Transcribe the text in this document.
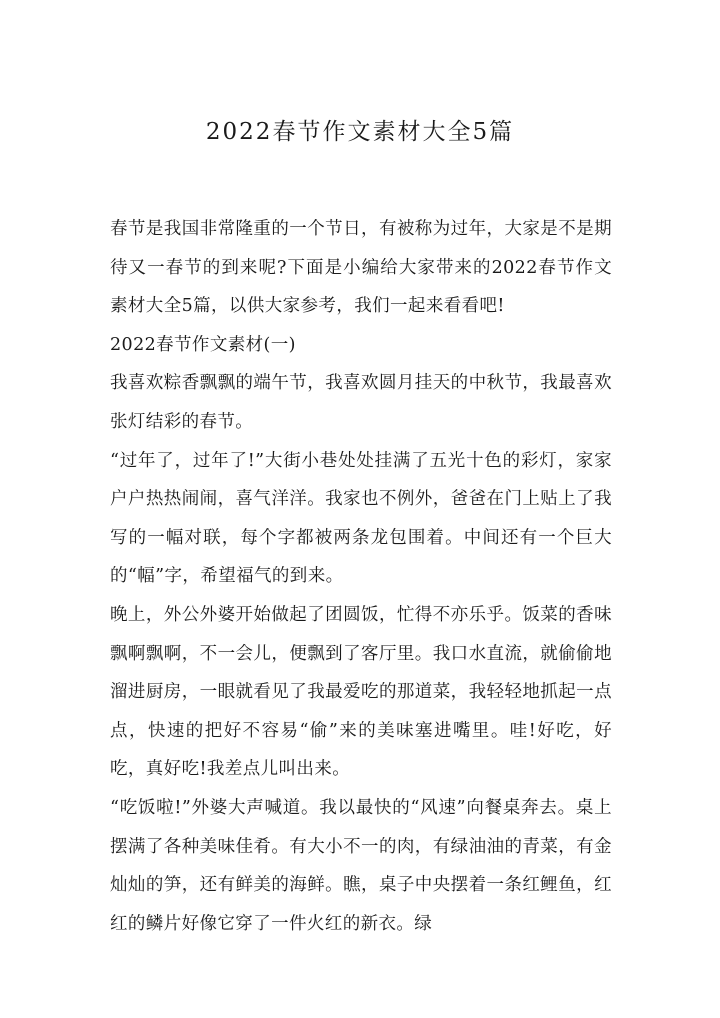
2022春节作文素材大全5篇

春节是我国非常隆重的一个节日，有被称为过年，大家是不是期待又一春节的到来呢?下面是小编给大家带来的2022春节作文素材大全5篇，以供大家参考，我们一起来看看吧!

2022春节作文素材(一)

我喜欢粽香飘飘的端午节，我喜欢圆月挂天的中秋节，我最喜欢张灯结彩的春节。

“过年了，过年了!”大街小巷处处挂满了五光十色的彩灯，家家户户热热闹闹，喜气洋洋。我家也不例外，爸爸在门上贴上了我写的一幅对联，每个字都被两条龙包围着。中间还有一个巨大的“幅”字，希望福气的到来。

晚上，外公外婆开始做起了团圆饭，忙得不亦乐乎。饭菜的香味飘啊飘啊，不一会儿，便飘到了客厅里。我口水直流，就偷偷地溜进厨房，一眼就看见了我最爱吃的那道菜，我轻轻地抓起一点点，快速的把好不容易“偷”来的美味塞进嘴里。哇!好吃，好吃，真好吃!我差点儿叫出来。

“吃饭啦!”外婆大声喊道。我以最快的“风速”向餐桌奔去。桌上摆满了各种美味佳肴。有大小不一的肉，有绿油油的青菜，有金灿灿的笋，还有鲜美的海鲜。瞧，桌子中央摆着一条红鲤鱼，红红的鳞片好像它穿了一件火红的新衣。绿
